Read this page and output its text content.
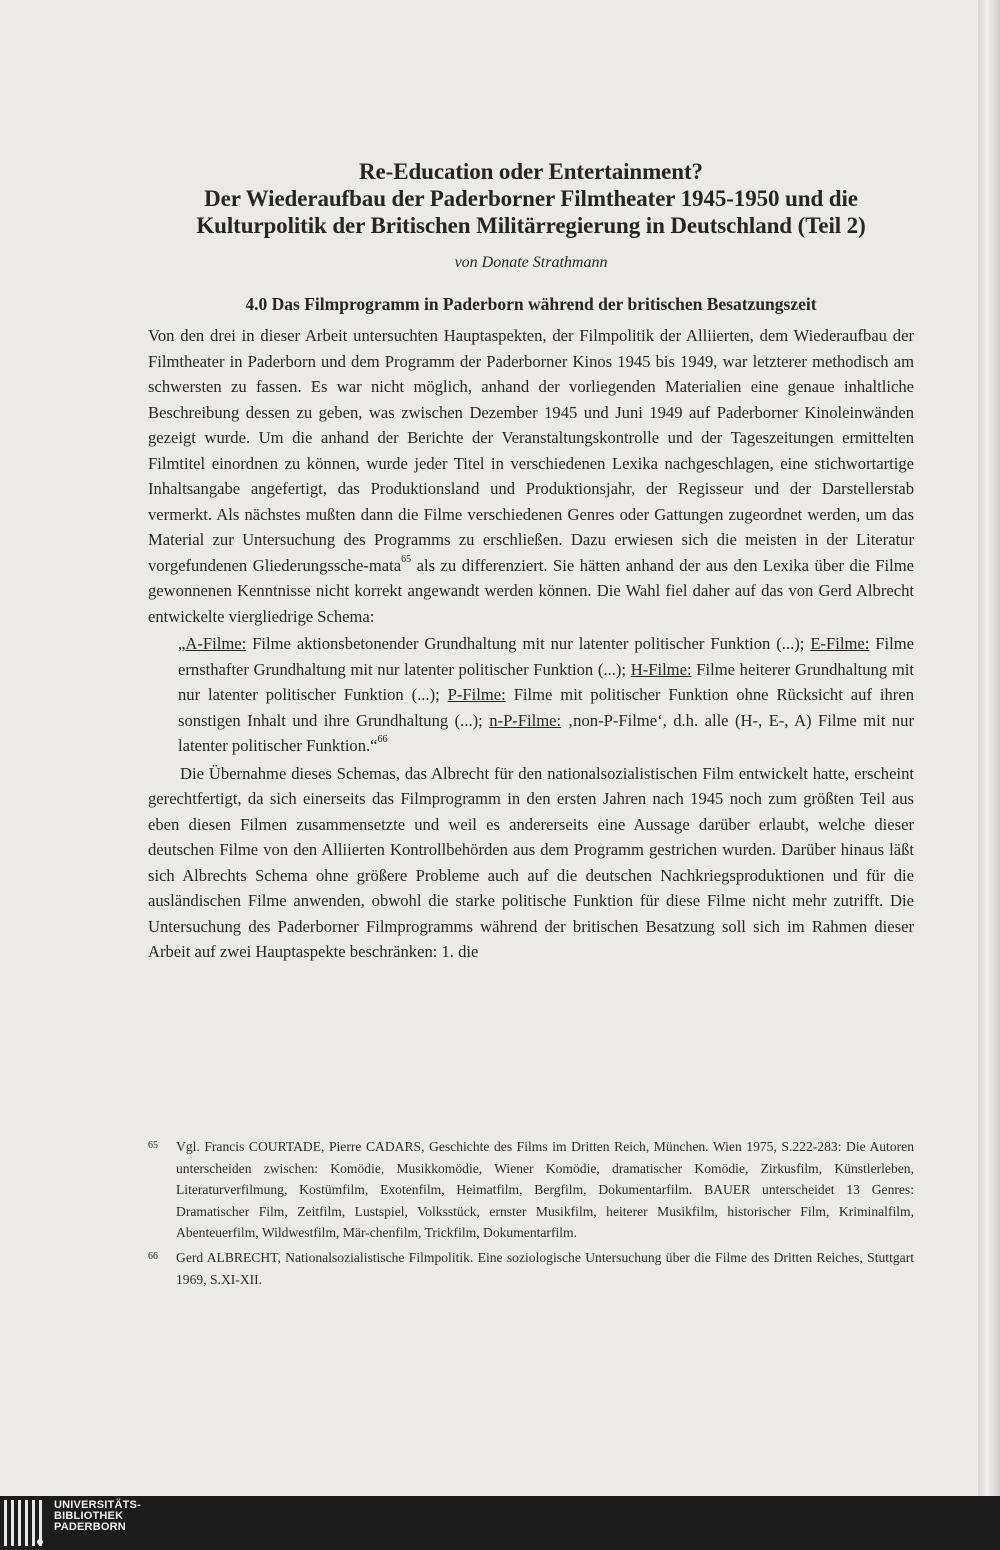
Re-Education oder Entertainment?
Der Wiederaufbau der Paderborner Filmtheater 1945-1950 und die
Kulturpolitik der Britischen Militärregierung in Deutschland (Teil 2)
von Donate Strathmann
4.0 Das Filmprogramm in Paderborn während der britischen Besatzungszeit

Von den drei in dieser Arbeit untersuchten Hauptaspekten, der Filmpolitik der Alliierten, dem Wiederaufbau der Filmtheater in Paderborn und dem Programm der Paderborner Kinos 1945 bis 1949, war letzterer methodisch am schwersten zu fassen. Es war nicht möglich, anhand der vorliegenden Materialien eine genaue inhaltliche Beschreibung dessen zu geben, was zwischen Dezember 1945 und Juni 1949 auf Paderborner Kinoleinwänden gezeigt wurde. Um die anhand der Berichte der Veranstaltungskontrolle und der Tageszeitungen ermittelten Filmtitel einordnen zu können, wurde jeder Titel in verschiedenen Lexika nachgeschlagen, eine stichwortartige Inhaltsangabe angefertigt, das Produktionsland und Produktionsjahr, der Regisseur und der Darstellerstab vermerkt. Als nächstes mußten dann die Filme verschiedenen Genres oder Gattungen zugeordnet werden, um das Material zur Untersuchung des Programms zu erschließen. Dazu erwiesen sich die meisten in der Literatur vorgefundenen Gliederungssche-mata$^{65}$ als zu differenziert. Sie hätten anhand der aus den Lexika über die Filme gewonnenen Kenntnisse nicht korrekt angewandt werden können. Die Wahl fiel daher auf das von Gerd Albrecht entwickelte viergliedrige Schema:

„A-Filme: Filme aktionsbetonender Grundhaltung mit nur latenter politischer Funktion (...); E-Filme: Filme ernsthafter Grundhaltung mit nur latenter politischer Funktion (...); H-Filme: Filme heiterer Grundhaltung mit nur latenter politischer Funktion (...); P-Filme: Filme mit politischer Funktion ohne Rücksicht auf ihren sonstigen Inhalt und ihre Grundhaltung (...); n-P-Filme: ‚non-P-Filme‘, d.h. alle (H-, E-, A) Filme mit nur latenter politischer Funktion.“$^{66}$

Die Übernahme dieses Schemas, das Albrecht für den nationalsozialistischen Film entwickelt hatte, erscheint gerechtfertigt, da sich einerseits das Filmprogramm in den ersten Jahren nach 1945 noch zum größten Teil aus eben diesen Filmen zusammensetzte und weil es andererseits eine Aussage darüber erlaubt, welche dieser deutschen Filme von den Alliierten Kontrollbehörden aus dem Programm gestrichen wurden. Darüber hinaus läßt sich Albrechts Schema ohne größere Probleme auch auf die deutschen Nachkriegsproduktionen und für die ausländischen Filme anwenden, obwohl die starke politische Funktion für diese Filme nicht mehr zutrifft. Die Untersuchung des Paderborner Filmprogramms während der britischen Besatzung soll sich im Rahmen dieser Arbeit auf zwei Hauptaspekte beschränken: 1. die

65 Vgl. Francis COURTADE, Pierre CADARS, Geschichte des Films im Dritten Reich, München. Wien 1975, S.222-283: Die Autoren unterscheiden zwischen: Komödie, Musikkomödie, Wiener Komödie, dramatischer Komödie, Zirkusfilm, Künstlerleben, Literaturverfilmung, Kostümfilm, Exotenfilm, Heimatfilm, Bergfilm, Dokumentarfilm. BAUER unterscheidet 13 Genres: Dramatischer Film, Zeitfilm, Lustspiel, Volksstück, ernster Musikfilm, heiterer Musikfilm, historischer Film, Kriminalfilm, Abenteuerfilm, Wildwestfilm, Mär-chenfilm, Trickfilm, Dokumentarfilm.
66 Gerd ALBRECHT, Nationalsozialistische Filmpolitik. Eine soziologische Untersuchung über die Filme des Dritten Reiches, Stuttgart 1969, S.XI-XII.
UNIVERSITÄTS-
BIBLIOTHEK
PADERBORN
